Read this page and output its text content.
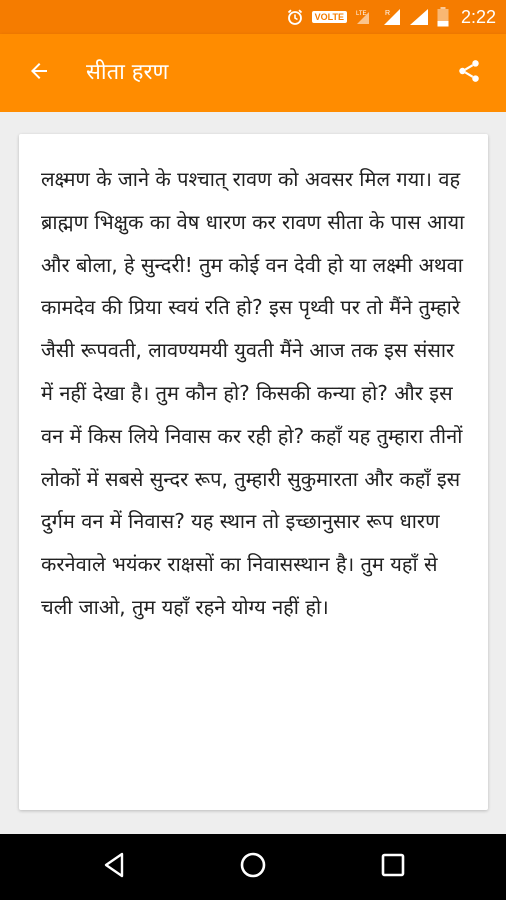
VOLTE	LTE	R	2:22
सीता हरण

लक्ष्मण के जाने के पश्चात् रावण को अवसर मिल गया। वह ब्राह्मण भिक्षुक का वेष धारण कर रावण सीता के पास आया और बोला, हे सुन्दरी! तुम कोई वन देवी हो या लक्ष्मी अथवा कामदेव की प्रिया स्वयं रति हो? इस पृथ्वी पर तो मैंने तुम्हारे जैसी रूपवती, लावण्यमयी युवती मैंने आज तक इस संसार में नहीं देखा है। तुम कौन हो? किसकी कन्या हो? और इस वन में किस लिये निवास कर रही हो? कहाँ यह तुम्हारा तीनों लोकों में सबसे सुन्दर रूप, तुम्हारी सुकुमारता और कहाँ इस दुर्गम वन में निवास? यह स्थान तो इच्छानुसार रूप धारण करनेवाले भयंकर राक्षसों का निवासस्थान है। तुम यहाँ से चली जाओ, तुम यहाँ रहने योग्य नहीं हो।
